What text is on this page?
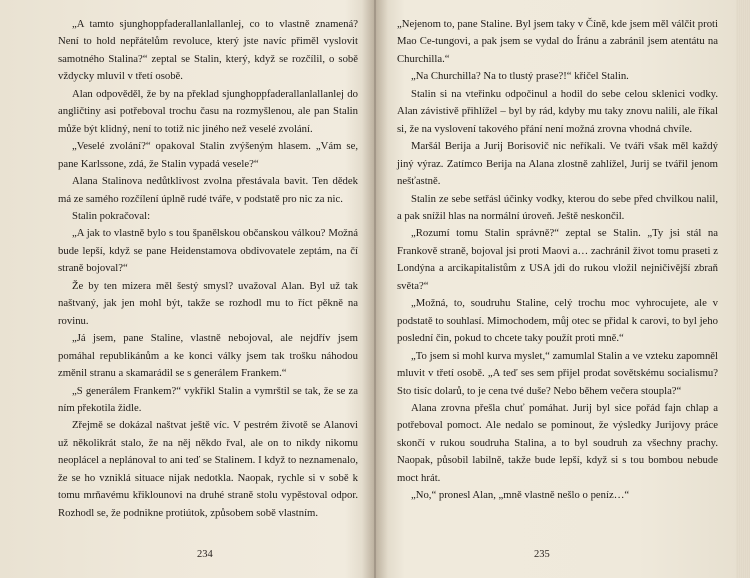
„A tamto sjunghoppfaderallanlallanlej, co to vlastně znamená? Není to hold nepřátelům revoluce, který jste navíc přiměl vyslovit samotného Stalina?“ zeptal se Stalin, který, když se rozčílil, o sobě vždycky mluvil v třetí osobě.

Alan odpověděl, že by na překlad sjunghoppfaderallanlallanlej do angličtiny asi potřeboval trochu času na rozmyšlenou, ale pan Stalin může být klidný, není to totiž nic jiného než veselé zvolání.

„Veselé zvolání?“ opakoval Stalin zvýšeným hlasem. „Vám se, pane Karlssone, zdá, že Stalin vypadá vesele?“

Alana Stalinova nedůtklivost zvolna přestávala bavit. Ten dědek má ze samého rozčílení úplně rudé tváře, v podstatě pro nic za nic.

Stalin pokračoval:

„A jak to vlastně bylo s tou španělskou občanskou válkou? Možná bude lepší, když se pane Heidenstamova obdivovatele zeptám, na čí straně bojoval?“

Že by ten mizera měl šestý smysl? uvažoval Alan. Byl už tak naštvaný, jak jen mohl být, takže se rozhodl mu to říct pěkně na rovinu.

„Já jsem, pane Staline, vlastně nebojoval, ale nejdřív jsem pomáhal republikánům a ke konci války jsem tak trošku náhodou změnil stranu a skamarádil se s generálem Frankem.“

„S generálem Frankem?“ vykřikl Stalin a vymrštil se tak, že se za ním překotila židle.

Zřejmě se dokázal naštvat ještě víc. V pestrém životě se Alanovi už několikrát stalo, že na něj někdo řval, ale on to nikdy nikomu neoplácel a neplánoval to ani teď se Stalinem. I když to neznamenalo, že se ho vzniklá situace nijak nedotkla. Naopak, rychle si v sobě k tomu mrňavému křiklounovi na druhé straně stolu vypěstoval odpor. Rozhodl se, že podnikne protiútok, způsobem sobě vlastním.

234

„Nejenom to, pane Staline. Byl jsem taky v Číně, kde jsem měl válčit proti Mao Ce-tungovi, a pak jsem se vydal do Íránu a zabránil jsem atentátu na Churchilla.“

„Na Churchilla? Na to tlustý prase?!“ křičel Stalin.

Stalin si na vteřinku odpočinul a hodil do sebe celou sklenici vodky. Alan závistivě přihlížel – byl by rád, kdyby mu taky znovu nalili, ale říkal si, že na vyslovení takového přání není možná zrovna vhodná chvíle.

Maršál Berija a Jurij Borisovič nic neříkali. Ve tváři však měl každý jiný výraz. Zatímco Berija na Alana zlostně zahlížel, Jurij se tvářil jenom nešťastně.

Stalin ze sebe setřásl účinky vodky, kterou do sebe před chvilkou nalil, a pak snížil hlas na normální úroveň. Ještě neskončil.

„Rozumí tomu Stalin správně?“ zeptal se Stalin. „Ty jsi stál na Frankově straně, bojoval jsi proti Maovi a… zachránil život tomu praseti z Londýna a arcikapitalistům z USA jdi do rukou vložil nejničivější zbraň světa?“

„Možná, to, soudruhu Staline, celý trochu moc vyhrocujete, ale v podstatě to souhlasí. Mimochodem, můj otec se přidal k carovi, to byl jeho poslední čin, pokud to chcete taky použít proti mně.“

„To jsem si mohl kurva myslet,“ zamumlal Stalin a ve vzteku zapomněl mluvit v třetí osobě. „A teď ses sem přijel prodat sovětskému socialismu? Sto tisíc dolarů, to je cena tvé duše? Nebo během večera stoupla?“

Alana zrovna přešla chuť pomáhat. Jurij byl sice pořád fajn chlap a potřeboval pomoct. Ale nedalo se pominout, že výsledky Jurijovy práce skončí v rukou soudruha Stalina, a to byl soudruh za všechny prachy. Naopak, působil labilně, takže bude lepší, když si s tou bombou nebude moct hrát.

„No,“ pronesl Alan, „mně vlastně nešlo o peníz…“

235
